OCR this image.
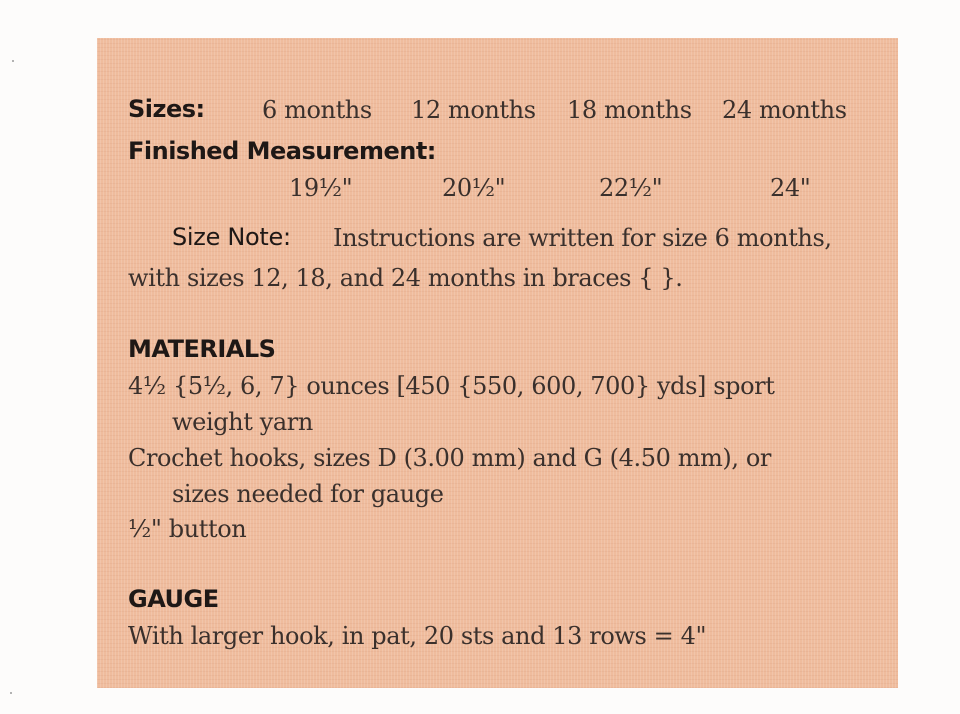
Sizes: 6 months 12 months 18 months 24 months
Finished Measurement:
19½"	20½"	22½"	24"
Size Note: Instructions are written for size 6 months,
with sizes 12, 18, and 24 months in braces { }.
MATERIALS
4½ {5½, 6, 7} ounces [450 {550, 600, 700} yds] sport
weight yarn
Crochet hooks, sizes D (3.00 mm) and G (4.50 mm), or
sizes needed for gauge
½" button
GAUGE
With larger hook, in pat, 20 sts and 13 rows = 4"
